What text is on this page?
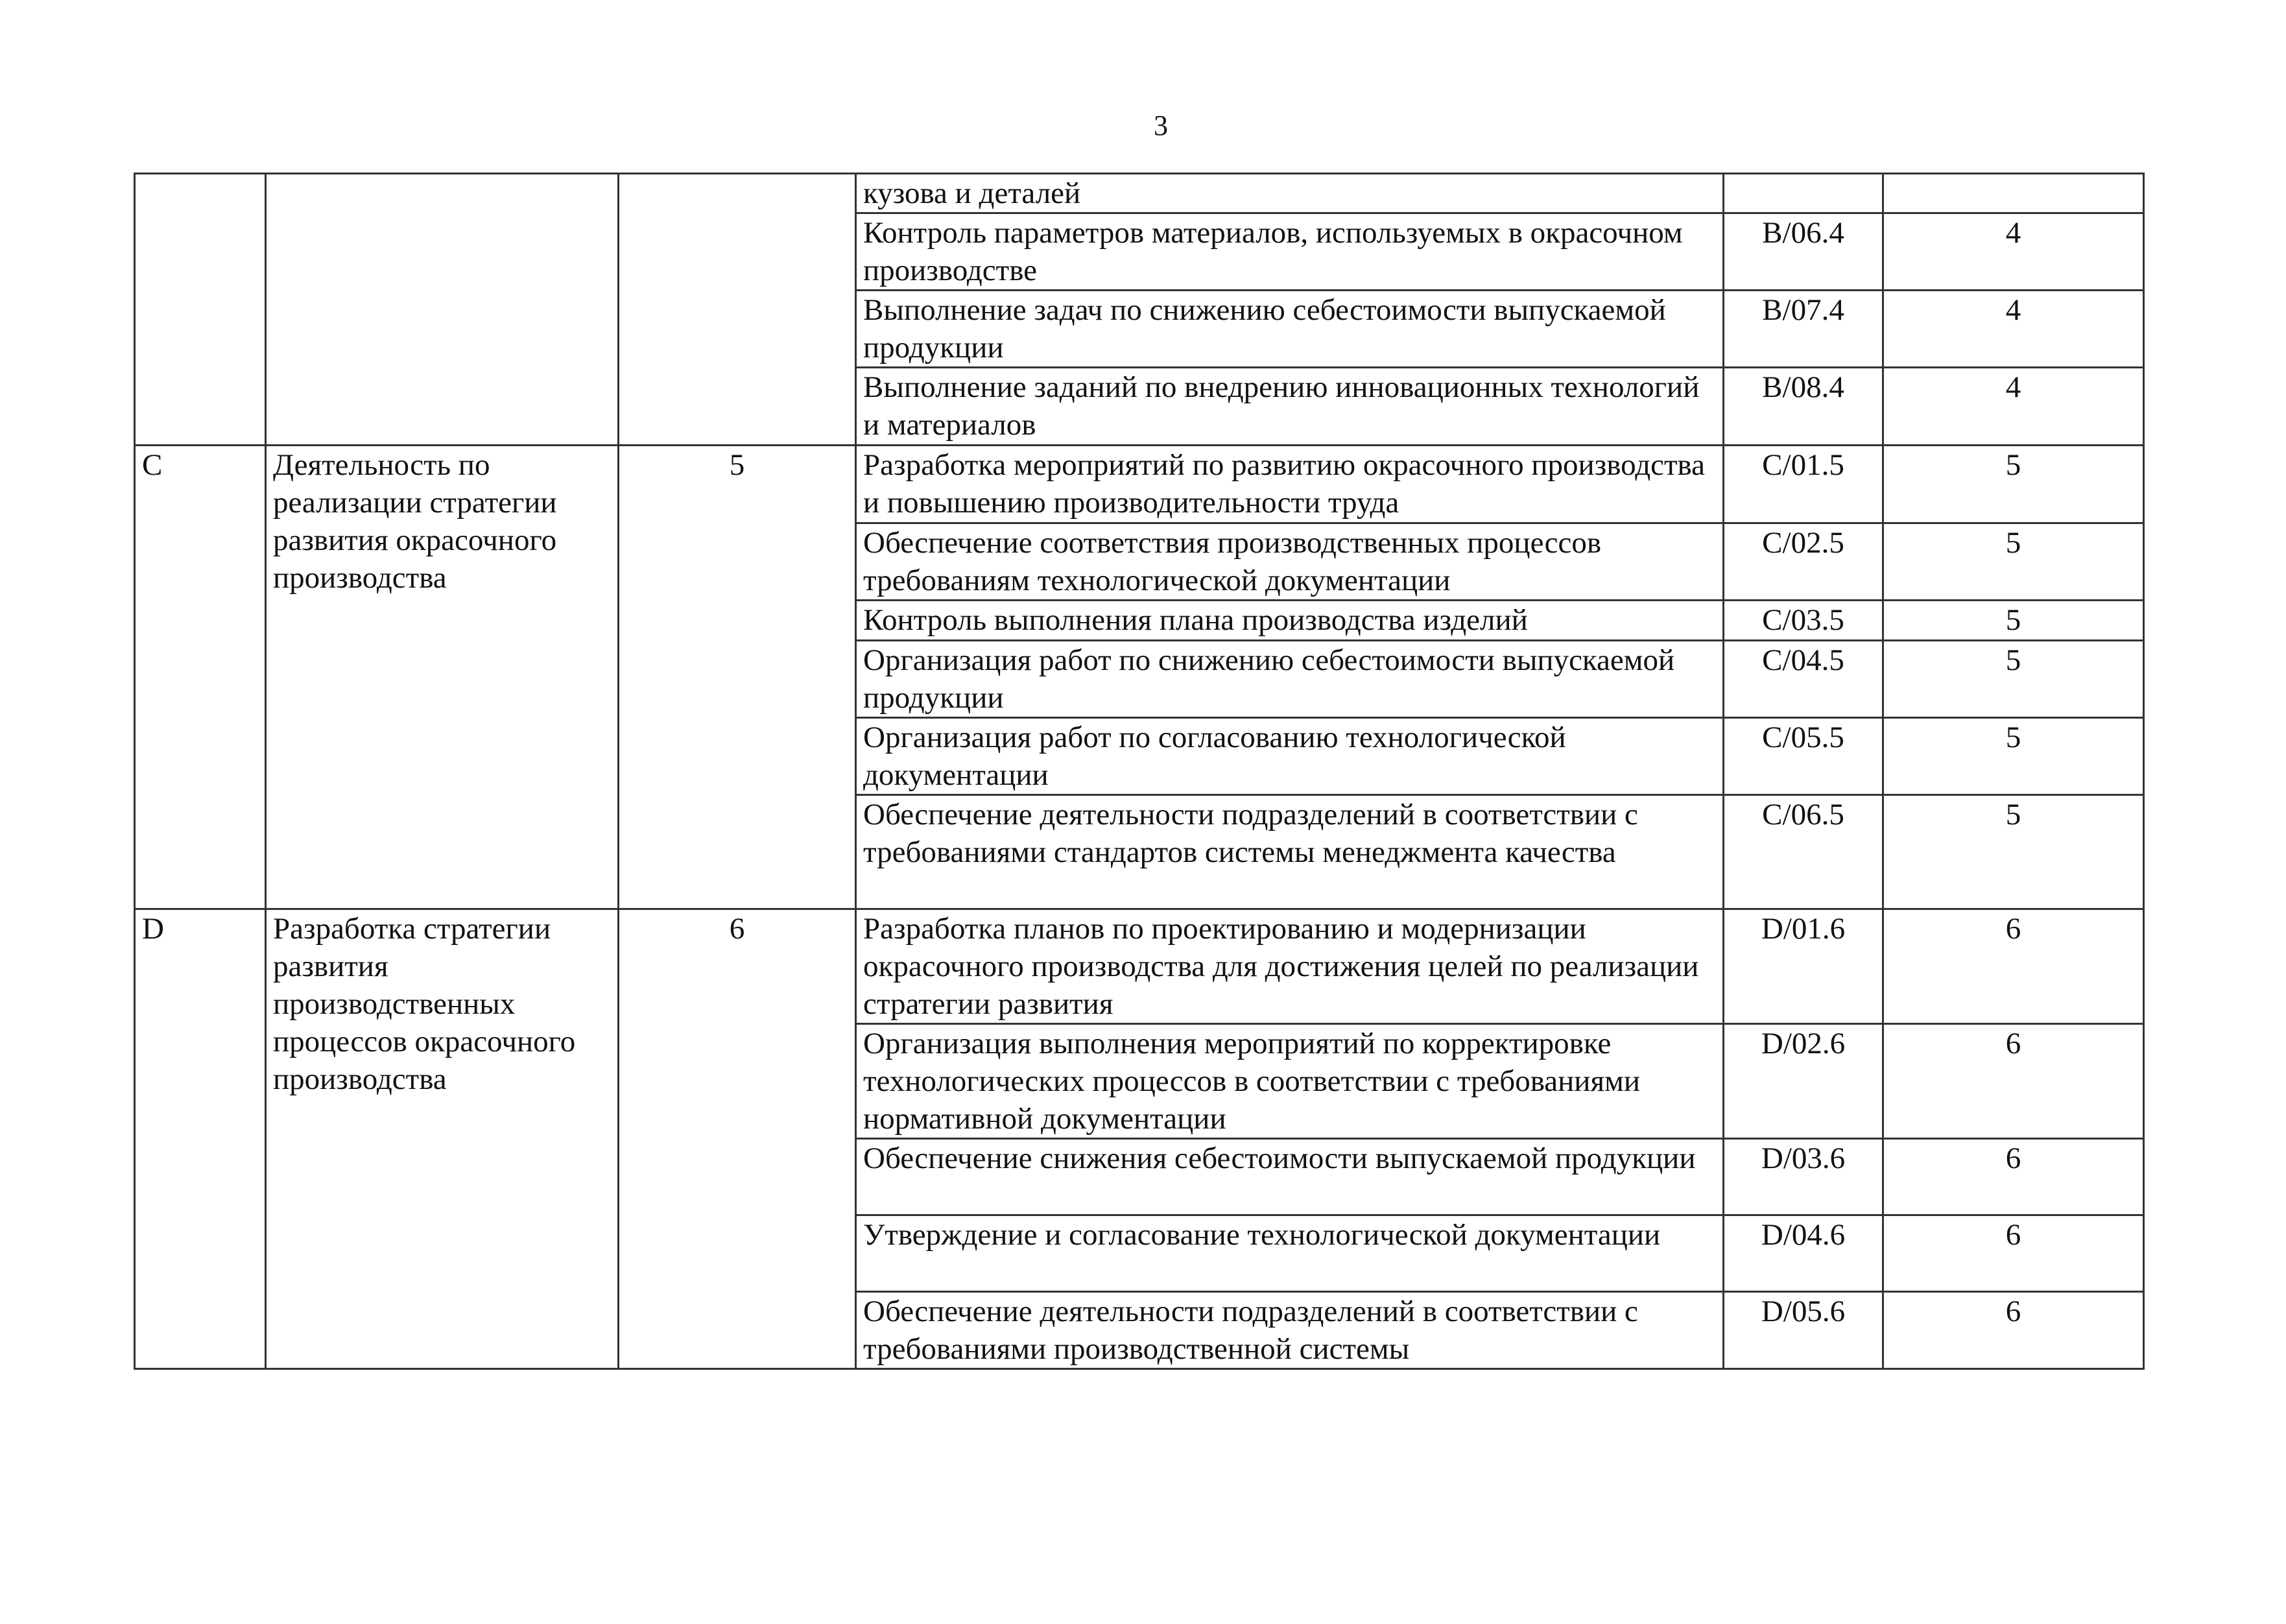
3
			кузова и деталей		
			Контроль параметров материалов, используемых в окрасочном производстве	B/06.4	4
			Выполнение задач по снижению себестоимости выпускаемой продукции	B/07.4	4
			Выполнение заданий по внедрению инновационных технологий и материалов	B/08.4	4
C	Деятельность по реализации стратегии развития окрасочного производства	5	Разработка мероприятий по развитию окрасочного производства и повышению производительности труда	C/01.5	5
			Обеспечение соответствия производственных процессов требованиям технологической документации	C/02.5	5
			Контроль выполнения плана производства изделий	C/03.5	5
			Организация работ по снижению себестоимости выпускаемой продукции	C/04.5	5
			Организация работ по согласованию технологической документации	C/05.5	5
			Обеспечение деятельности подразделений в соответствии с требованиями стандартов системы менеджмента качества	C/06.5	5
D	Разработка стратегии развития производственных процессов окрасочного производства	6	Разработка планов по проектированию и модернизации окрасочного производства для достижения целей по реализации стратегии развития	D/01.6	6
			Организация выполнения мероприятий по корректировке технологических процессов в соответствии с требованиями нормативной документации	D/02.6	6
			Обеспечение снижения себестоимости выпускаемой продукции	D/03.6	6
			Утверждение и согласование технологической документации	D/04.6	6
			Обеспечение деятельности подразделений в соответствии с требованиями производственной системы	D/05.6	6
